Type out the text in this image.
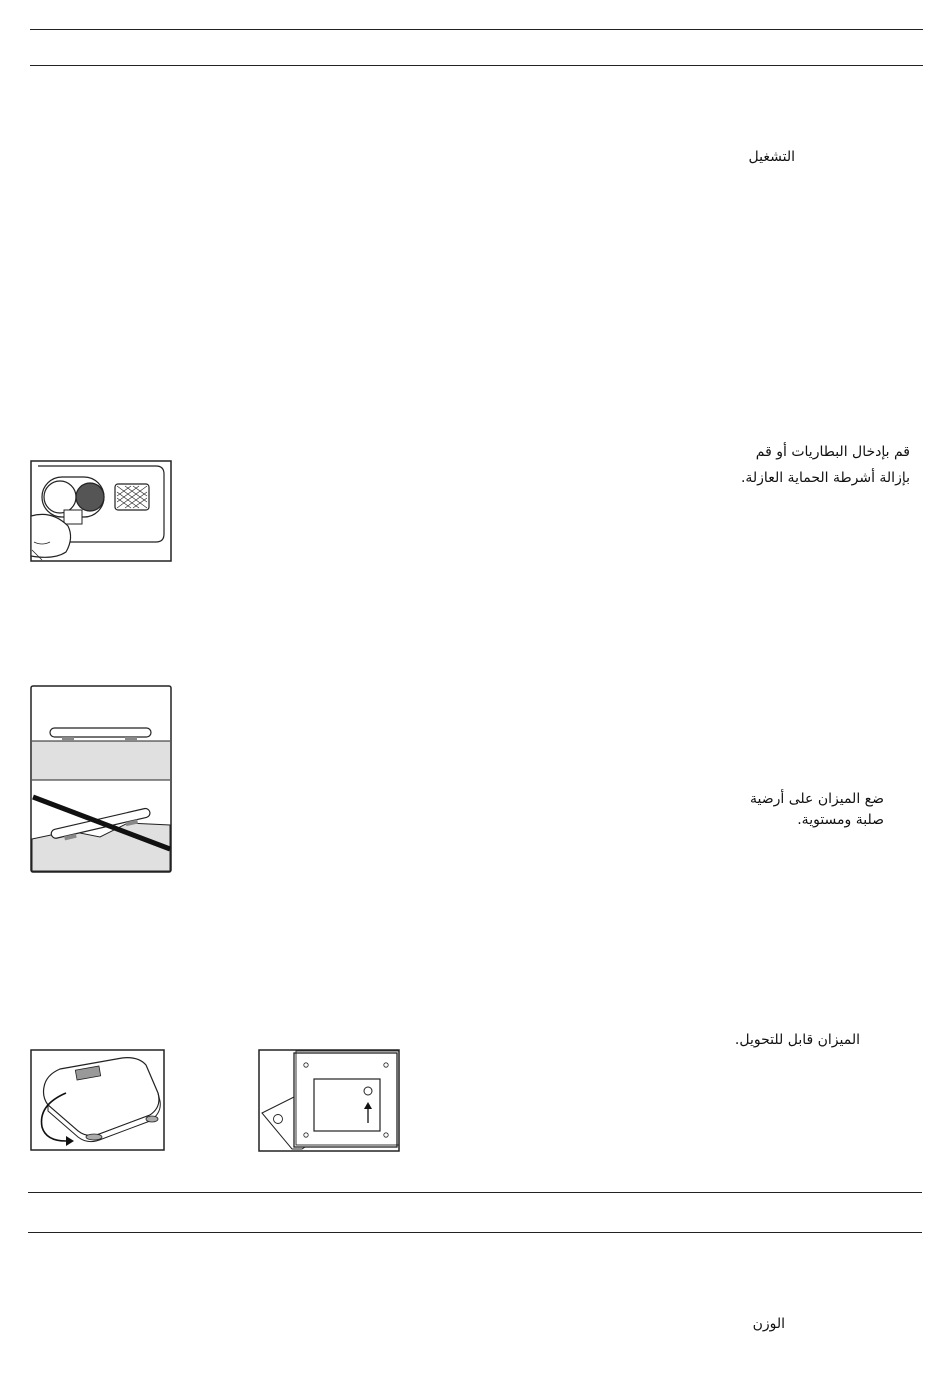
التشغيل
قم بإدخال البطاريات أو قم
بإزالة أشرطة الحماية العازلة.
ضع الميزان على أرضية
صلبة ومستوية.
الميزان قابل للتحويل.
الوزن
